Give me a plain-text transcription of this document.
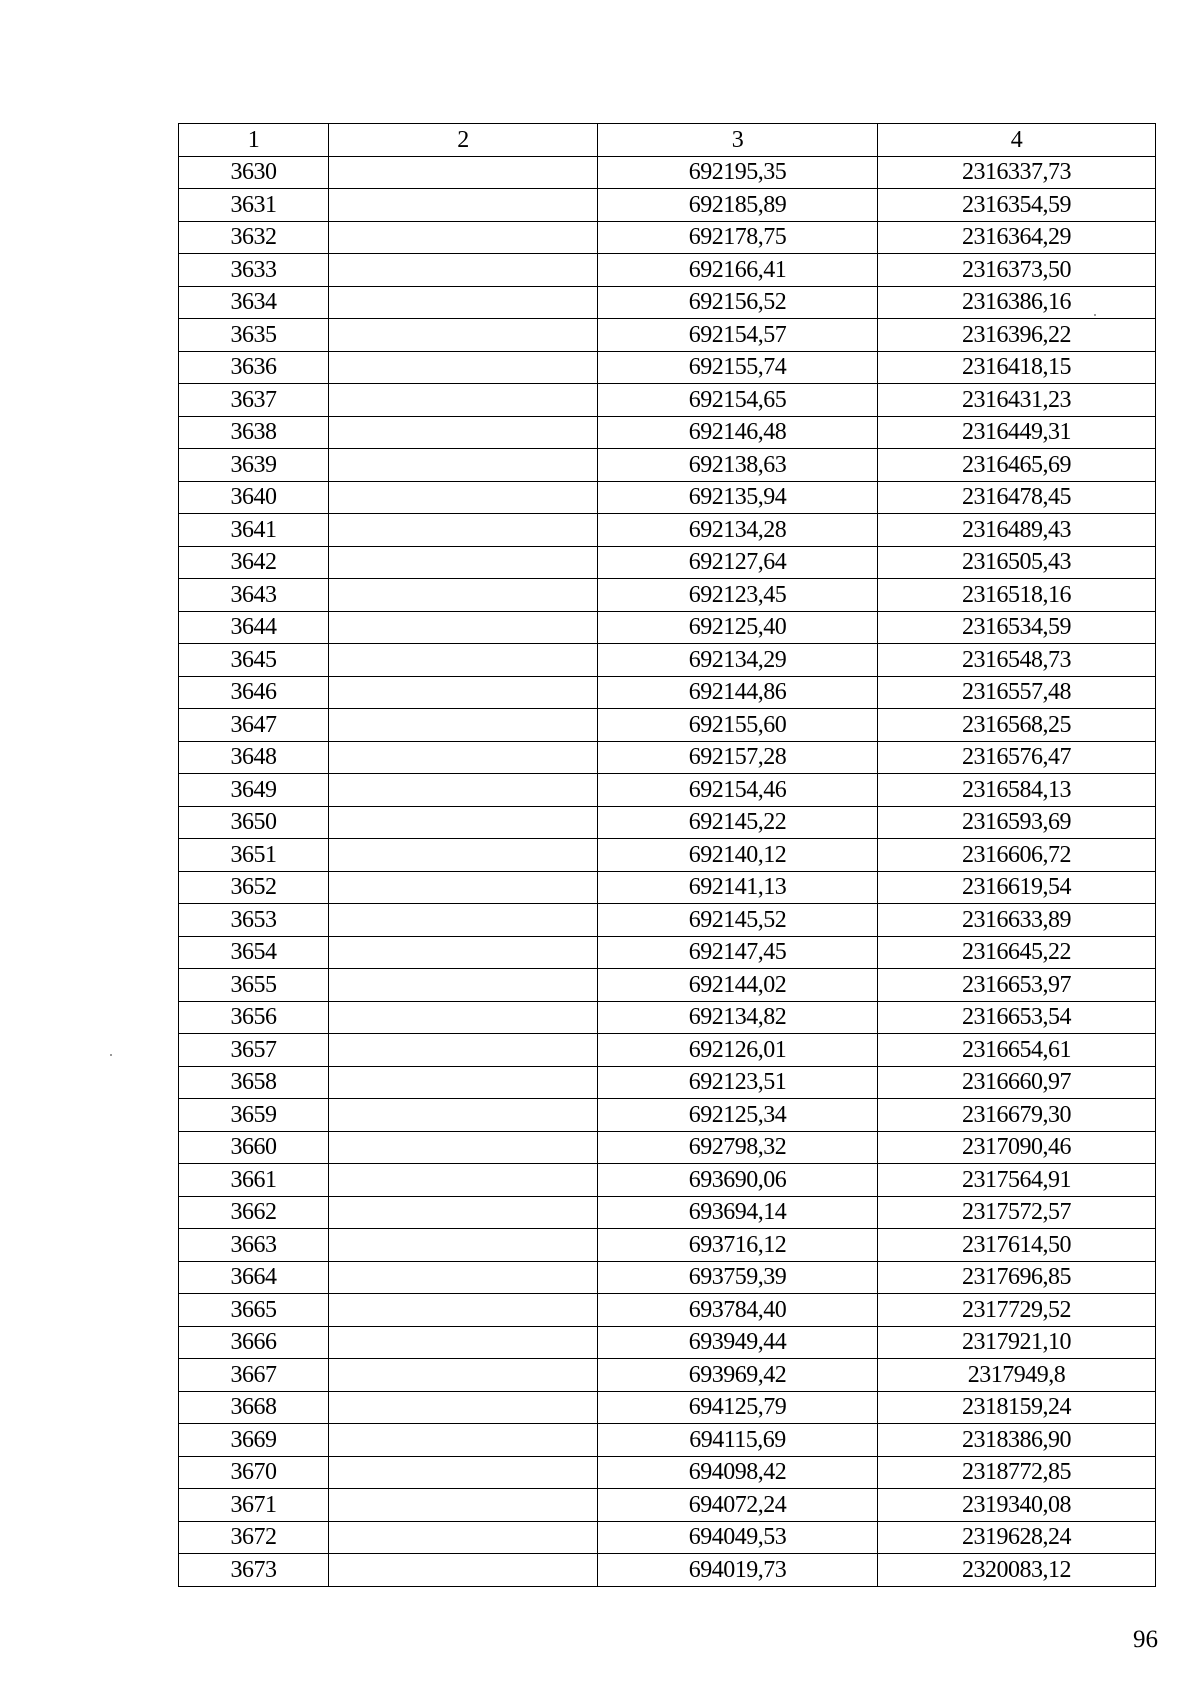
1	2	3	4
3630		692195,35	2316337,73
3631		692185,89	2316354,59
3632		692178,75	2316364,29
3633		692166,41	2316373,50
3634		692156,52	2316386,16
3635		692154,57	2316396,22
3636		692155,74	2316418,15
3637		692154,65	2316431,23
3638		692146,48	2316449,31
3639		692138,63	2316465,69
3640		692135,94	2316478,45
3641		692134,28	2316489,43
3642		692127,64	2316505,43
3643		692123,45	2316518,16
3644		692125,40	2316534,59
3645		692134,29	2316548,73
3646		692144,86	2316557,48
3647		692155,60	2316568,25
3648		692157,28	2316576,47
3649		692154,46	2316584,13
3650		692145,22	2316593,69
3651		692140,12	2316606,72
3652		692141,13	2316619,54
3653		692145,52	2316633,89
3654		692147,45	2316645,22
3655		692144,02	2316653,97
3656		692134,82	2316653,54
3657		692126,01	2316654,61
3658		692123,51	2316660,97
3659		692125,34	2316679,30
3660		692798,32	2317090,46
3661		693690,06	2317564,91
3662		693694,14	2317572,57
3663		693716,12	2317614,50
3664		693759,39	2317696,85
3665		693784,40	2317729,52
3666		693949,44	2317921,10
3667		693969,42	2317949,8
3668		694125,79	2318159,24
3669		694115,69	2318386,90
3670		694098,42	2318772,85
3671		694072,24	2319340,08
3672		694049,53	2319628,24
3673		694019,73	2320083,12
96
